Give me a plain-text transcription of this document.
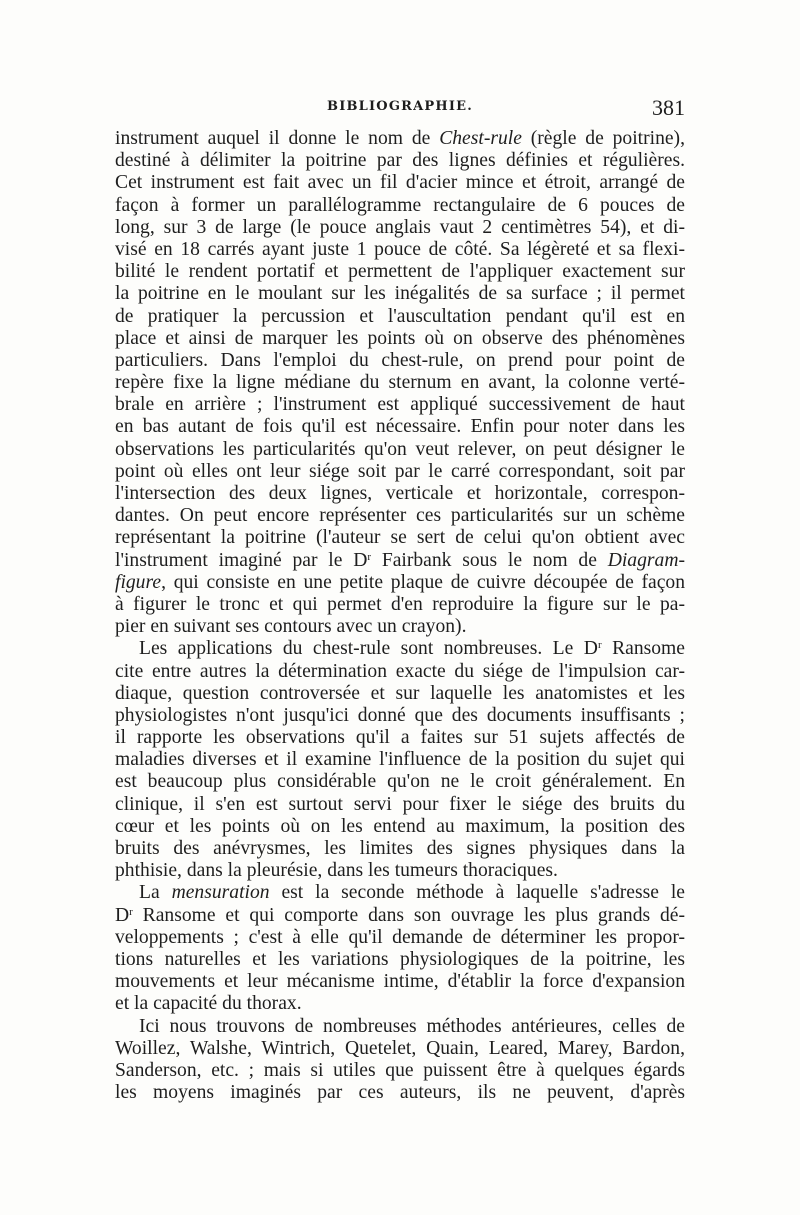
BIBLIOGRAPHIE.	381
instrument auquel il donne le nom de Chest-rule (règle de poitrine),
destiné à délimiter la poitrine par des lignes définies et régulières.
Cet instrument est fait avec un fil d'acier mince et étroit, arrangé de
façon à former un parallélogramme rectangulaire de 6 pouces de
long, sur 3 de large (le pouce anglais vaut 2 centimètres 54), et di-
visé en 18 carrés ayant juste 1 pouce de côté. Sa légèreté et sa flexi-
bilité le rendent portatif et permettent de l'appliquer exactement sur
la poitrine en le moulant sur les inégalités de sa surface ; il permet
de pratiquer la percussion et l'auscultation pendant qu'il est en
place et ainsi de marquer les points où on observe des phénomènes
particuliers. Dans l'emploi du chest-rule, on prend pour point de
repère fixe la ligne médiane du sternum en avant, la colonne verté-
brale en arrière ; l'instrument est appliqué successivement de haut
en bas autant de fois qu'il est nécessaire. Enfin pour noter dans les
observations les particularités qu'on veut relever, on peut désigner le
point où elles ont leur siége soit par le carré correspondant, soit par
l'intersection des deux lignes, verticale et horizontale, correspon-
dantes. On peut encore représenter ces particularités sur un schème
représentant la poitrine (l'auteur se sert de celui qu'on obtient avec
l'instrument imaginé par le $D^r$ Fairbank sous le nom de Diagram-
figure, qui consiste en une petite plaque de cuivre découpée de façon
à figurer le tronc et qui permet d'en reproduire la figure sur le pa-
pier en suivant ses contours avec un crayon).
Les applications du chest-rule sont nombreuses. Le $D^r$ Ransome
cite entre autres la détermination exacte du siége de l'impulsion car-
diaque, question controversée et sur laquelle les anatomistes et les
physiologistes n'ont jusqu'ici donné que des documents insuffisants ;
il rapporte les observations qu'il a faites sur 51 sujets affectés de
maladies diverses et il examine l'influence de la position du sujet qui
est beaucoup plus considérable qu'on ne le croit généralement. En
clinique, il s'en est surtout servi pour fixer le siége des bruits du
cœur et les points où on les entend au maximum, la position des
bruits des anévrysmes, les limites des signes physiques dans la
phthisie, dans la pleurésie, dans les tumeurs thoraciques.
La mensuration est la seconde méthode à laquelle s'adresse le
$D^r$ Ransome et qui comporte dans son ouvrage les plus grands dé-
veloppements ; c'est à elle qu'il demande de déterminer les propor-
tions naturelles et les variations physiologiques de la poitrine, les
mouvements et leur mécanisme intime, d'établir la force d'expansion
et la capacité du thorax.
Ici nous trouvons de nombreuses méthodes antérieures, celles de
Woillez, Walshe, Wintrich, Quetelet, Quain, Leared, Marey, Bardon,
Sanderson, etc. ; mais si utiles que puissent être à quelques égards
les moyens imaginés par ces auteurs, ils ne peuvent, d'après
